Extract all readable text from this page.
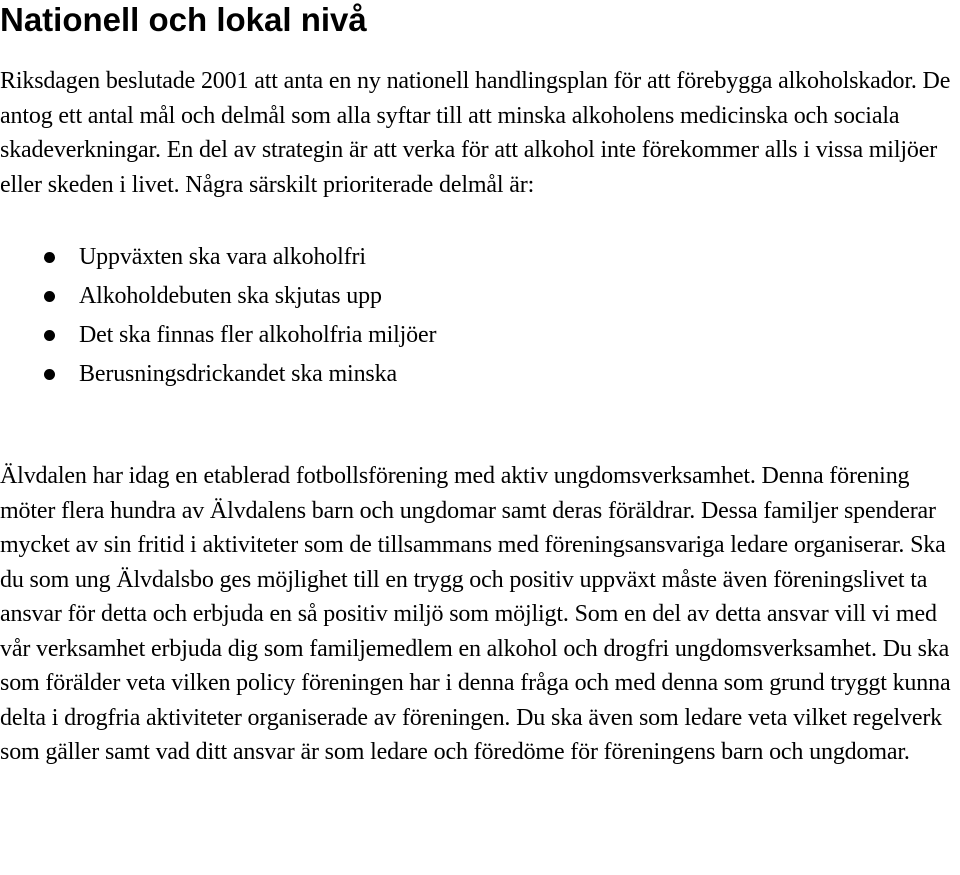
Nationell och lokal nivå

Riksdagen beslutade 2001 att anta en ny nationell handlingsplan för att förebygga alkoholskador. De antog ett antal mål och delmål som alla syftar till att minska alkoholens medicinska och sociala skadeverkningar. En del av strategin är att verka för att alkohol inte förekommer alls i vissa miljöer eller skeden i livet. Några särskilt prioriterade delmål är:

Uppväxten ska vara alkoholfri
Alkoholdebuten ska skjutas upp
Det ska finnas fler alkoholfria miljöer
Berusningsdrickandet ska minska

Älvdalen har idag en etablerad fotbollsförening med aktiv ungdomsverksamhet. Denna förening möter flera hundra av Älvdalens barn och ungdomar samt deras föräldrar. Dessa familjer spenderar mycket av sin fritid i aktiviteter som de tillsammans med föreningsansvariga ledare organiserar. Ska du som ung Älvdalsbo ges möjlighet till en trygg och positiv uppväxt måste även föreningslivet ta ansvar för detta och erbjuda en så positiv miljö som möjligt. Som en del av detta ansvar vill vi med vår verksamhet erbjuda dig som familjemedlem en alkohol och drogfri ungdomsverksamhet. Du ska som förälder veta vilken policy föreningen har i denna fråga och med denna som grund tryggt kunna delta i drogfria aktiviteter organiserade av föreningen. Du ska även som ledare veta vilket regelverk som gäller samt vad ditt ansvar är som ledare och föredöme för föreningens barn och ungdomar.
